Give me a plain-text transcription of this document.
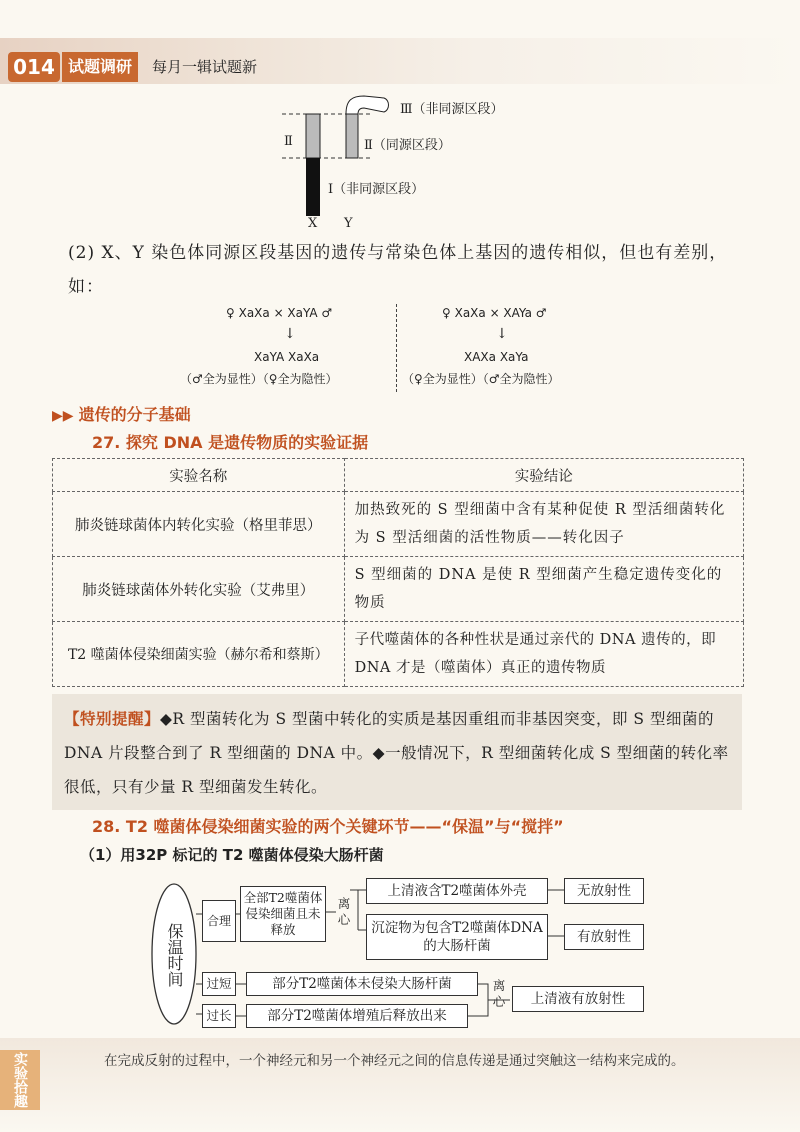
014 试题调研	每月一辑试题新
Ⅲ（非同源区段）
Ⅱ（同源区段）
Ⅱ
Ⅰ（非同源区段）
X Y
(2) X、Y 染色体同源区段基因的遗传与常染色体上基因的遗传相似，但也有差别，如：
♀ XaXa × XaYA ♂
↓
XaYA XaXa
（♂全为显性）（♀全为隐性）
♀ XaXa × XAYa ♂
↓
XAXa XaYa
（♀全为显性）（♂全为隐性）
▶▶ 遗传的分子基础
27. 探究 DNA 是遗传物质的实验证据
实验名称	实验结论
肺炎链球菌体内转化实验（格里菲思）	加热致死的 S 型细菌中含有某种促使 R 型活细菌转化为 S 型活细菌的活性物质——转化因子
肺炎链球菌体外转化实验（艾弗里）	S 型细菌的 DNA 是使 R 型细菌产生稳定遗传变化的物质
T2 噬菌体侵染细菌实验（赫尔希和蔡斯）	子代噬菌体的各种性状是通过亲代的 DNA 遗传的，即 DNA 才是（噬菌体）真正的遗传物质
【特别提醒】◆R 型菌转化为 S 型菌中转化的实质是基因重组而非基因突变，即 S 型细菌的 DNA 片段整合到了 R 型细菌的 DNA 中。◆一般情况下，R 型细菌转化成 S 型细菌的转化率很低，只有少量 R 型细菌发生转化。
28. T2 噬菌体侵染细菌实验的两个关键环节——“保温”与“搅拌”
（1）用32P 标记的 T2 噬菌体侵染大肠杆菌
保温时间
合理
全部T2噬菌体侵染细菌且未释放
离心
上清液含T2噬菌体外壳	无放射性
沉淀物为包含T2噬菌体DNA的大肠杆菌
有放射性
过短	部分T2噬菌体未侵染大肠杆菌
过长	部分T2噬菌体增殖后释放出来
离心	上清液有放射性
实验拾趣	在完成反射的过程中，一个神经元和另一个神经元之间的信息传递是通过突触这一结构来完成的。
